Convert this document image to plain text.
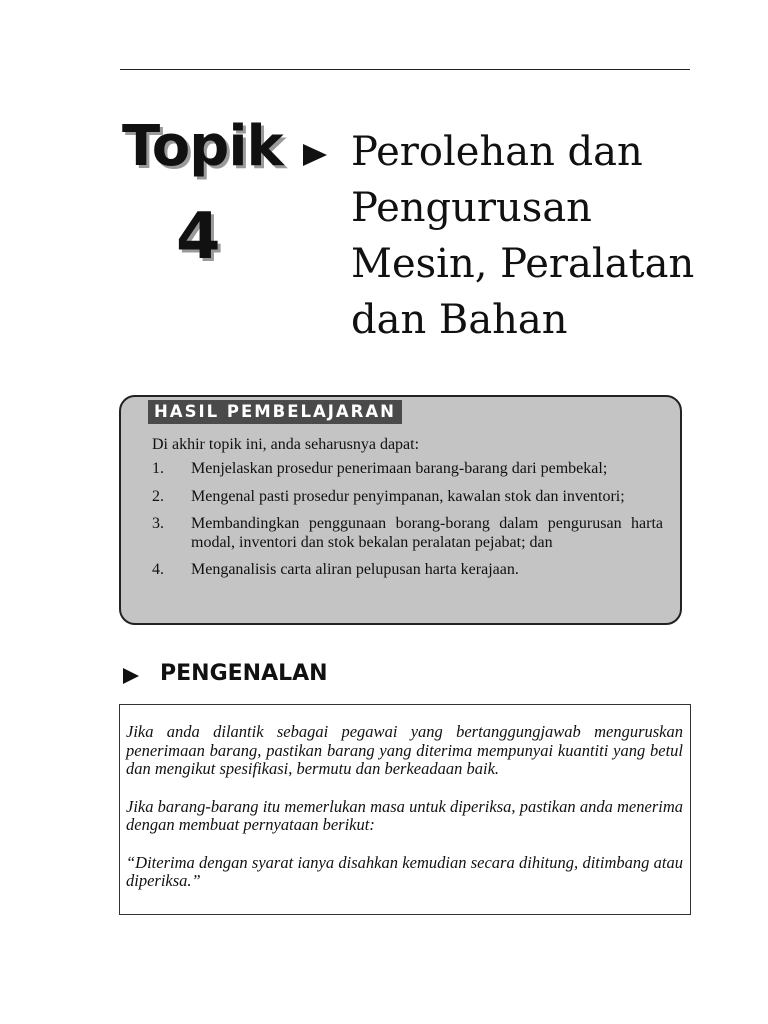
Topik
4
Perolehan dan
Pengurusan
Mesin, Peralatan
dan Bahan
HASIL PEMBELAJARAN

Di akhir topik ini, anda seharusnya dapat:

1.	Menjelaskan prosedur penerimaan barang-barang dari pembekal;
2.	Mengenal pasti prosedur penyimpanan, kawalan stok dan inventori;
3.	Membandingkan penggunaan borang-borang dalam pengurusan harta modal, inventori dan stok bekalan peralatan pejabat; dan
4.	Menganalisis carta aliran pelupusan harta kerajaan.
PENGENALAN

Jika anda dilantik sebagai pegawai yang bertanggungjawab menguruskan penerimaan barang, pastikan barang yang diterima mempunyai kuantiti yang betul dan mengikut spesifikasi, bermutu dan berkeadaan baik.

Jika barang-barang itu memerlukan masa untuk diperiksa, pastikan anda menerima dengan membuat pernyataan berikut:

“Diterima dengan syarat ianya disahkan kemudian secara dihitung, ditimbang atau diperiksa.”
